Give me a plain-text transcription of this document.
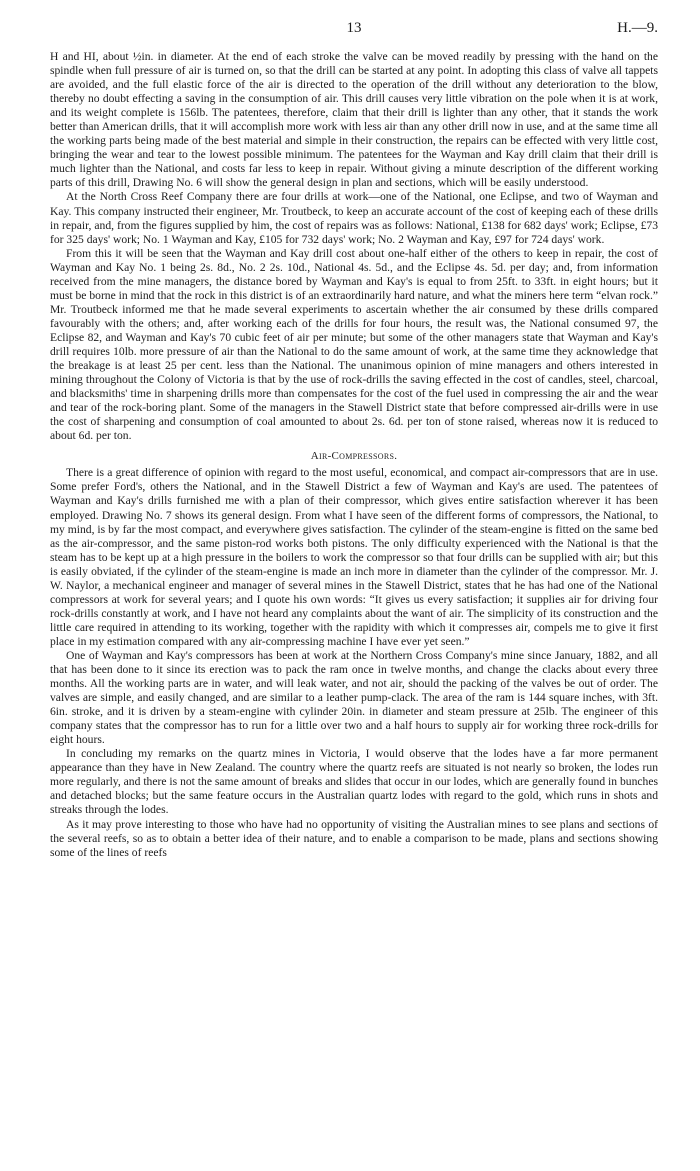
13	H.—9.

H and HI, about ½in. in diameter. At the end of each stroke the valve can be moved readily by pressing with the hand on the spindle when full pressure of air is turned on, so that the drill can be started at any point. In adopting this class of valve all tappets are avoided, and the full elastic force of the air is directed to the operation of the drill without any deterioration to the blow, thereby no doubt effecting a saving in the consumption of air. This drill causes very little vibration on the pole when it is at work, and its weight complete is 156lb. The patentees, therefore, claim that their drill is lighter than any other, that it stands the work better than American drills, that it will accomplish more work with less air than any other drill now in use, and at the same time all the working parts being made of the best material and simple in their construction, the repairs can be effected with very little cost, bringing the wear and tear to the lowest possible minimum. The patentees for the Wayman and Kay drill claim that their drill is much lighter than the National, and costs far less to keep in repair. Without giving a minute description of the different working parts of this drill, Drawing No. 6 will show the general design in plan and sections, which will be easily understood.

At the North Cross Reef Company there are four drills at work—one of the National, one Eclipse, and two of Wayman and Kay. This company instructed their engineer, Mr. Troutbeck, to keep an accurate account of the cost of keeping each of these drills in repair, and, from the figures supplied by him, the cost of repairs was as follows: National, £138 for 682 days' work; Eclipse, £73 for 325 days' work; No. 1 Wayman and Kay, £105 for 732 days' work; No. 2 Wayman and Kay, £97 for 724 days' work.

From this it will be seen that the Wayman and Kay drill cost about one-half either of the others to keep in repair, the cost of Wayman and Kay No. 1 being 2s. 8d., No. 2 2s. 10d., National 4s. 5d., and the Eclipse 4s. 5d. per day; and, from information received from the mine managers, the distance bored by Wayman and Kay's is equal to from 25ft. to 33ft. in eight hours; but it must be borne in mind that the rock in this district is of an extraordinarily hard nature, and what the miners here term “elvan rock.” Mr. Troutbeck informed me that he made several experiments to ascertain whether the air consumed by these drills compared favourably with the others; and, after working each of the drills for four hours, the result was, the National consumed 97, the Eclipse 82, and Wayman and Kay's 70 cubic feet of air per minute; but some of the other managers state that Wayman and Kay's drill requires 10lb. more pressure of air than the National to do the same amount of work, at the same time they acknowledge that the breakage is at least 25 per cent. less than the National. The unanimous opinion of mine managers and others interested in mining throughout the Colony of Victoria is that by the use of rock-drills the saving effected in the cost of candles, steel, charcoal, and blacksmiths' time in sharpening drills more than compensates for the cost of the fuel used in compressing the air and the wear and tear of the rock-boring plant. Some of the managers in the Stawell District state that before compressed air-drills were in use the cost of sharpening and consumption of coal amounted to about 2s. 6d. per ton of stone raised, whereas now it is reduced to about 6d. per ton.

Air-Compressors.

There is a great difference of opinion with regard to the most useful, economical, and compact air-compressors that are in use. Some prefer Ford's, others the National, and in the Stawell District a few of Wayman and Kay's are used. The patentees of Wayman and Kay's drills furnished me with a plan of their compressor, which gives entire satisfaction wherever it has been employed. Drawing No. 7 shows its general design. From what I have seen of the different forms of compressors, the National, to my mind, is by far the most compact, and everywhere gives satisfaction. The cylinder of the steam-engine is fitted on the same bed as the air-compressor, and the same piston-rod works both pistons. The only difficulty experienced with the National is that the steam has to be kept up at a high pressure in the boilers to work the compressor so that four drills can be supplied with air; but this is easily obviated, if the cylinder of the steam-engine is made an inch more in diameter than the cylinder of the compressor. Mr. J. W. Naylor, a mechanical engineer and manager of several mines in the Stawell District, states that he has had one of the National compressors at work for several years; and I quote his own words: “It gives us every satisfaction; it supplies air for driving four rock-drills constantly at work, and I have not heard any complaints about the want of air. The simplicity of its construction and the little care required in attending to its working, together with the rapidity with which it compresses air, compels me to give it first place in my estimation compared with any air-compressing machine I have ever yet seen.”

One of Wayman and Kay's compressors has been at work at the Northern Cross Company's mine since January, 1882, and all that has been done to it since its erection was to pack the ram once in twelve months, and change the clacks about every three months. All the working parts are in water, and will leak water, and not air, should the packing of the valves be out of order. The valves are simple, and easily changed, and are similar to a leather pump-clack. The area of the ram is 144 square inches, with 3ft. 6in. stroke, and it is driven by a steam-engine with cylinder 20in. in diameter and steam pressure at 25lb. The engineer of this company states that the compressor has to run for a little over two and a half hours to supply air for working three rock-drills for eight hours.

In concluding my remarks on the quartz mines in Victoria, I would observe that the lodes have a far more permanent appearance than they have in New Zealand. The country where the quartz reefs are situated is not nearly so broken, the lodes run more regularly, and there is not the same amount of breaks and slides that occur in our lodes, which are generally found in bunches and detached blocks; but the same feature occurs in the Australian quartz lodes with regard to the gold, which runs in shots and streaks through the lodes.

As it may prove interesting to those who have had no opportunity of visiting the Australian mines to see plans and sections of the several reefs, so as to obtain a better idea of their nature, and to enable a comparison to be made, plans and sections showing some of the lines of reefs
